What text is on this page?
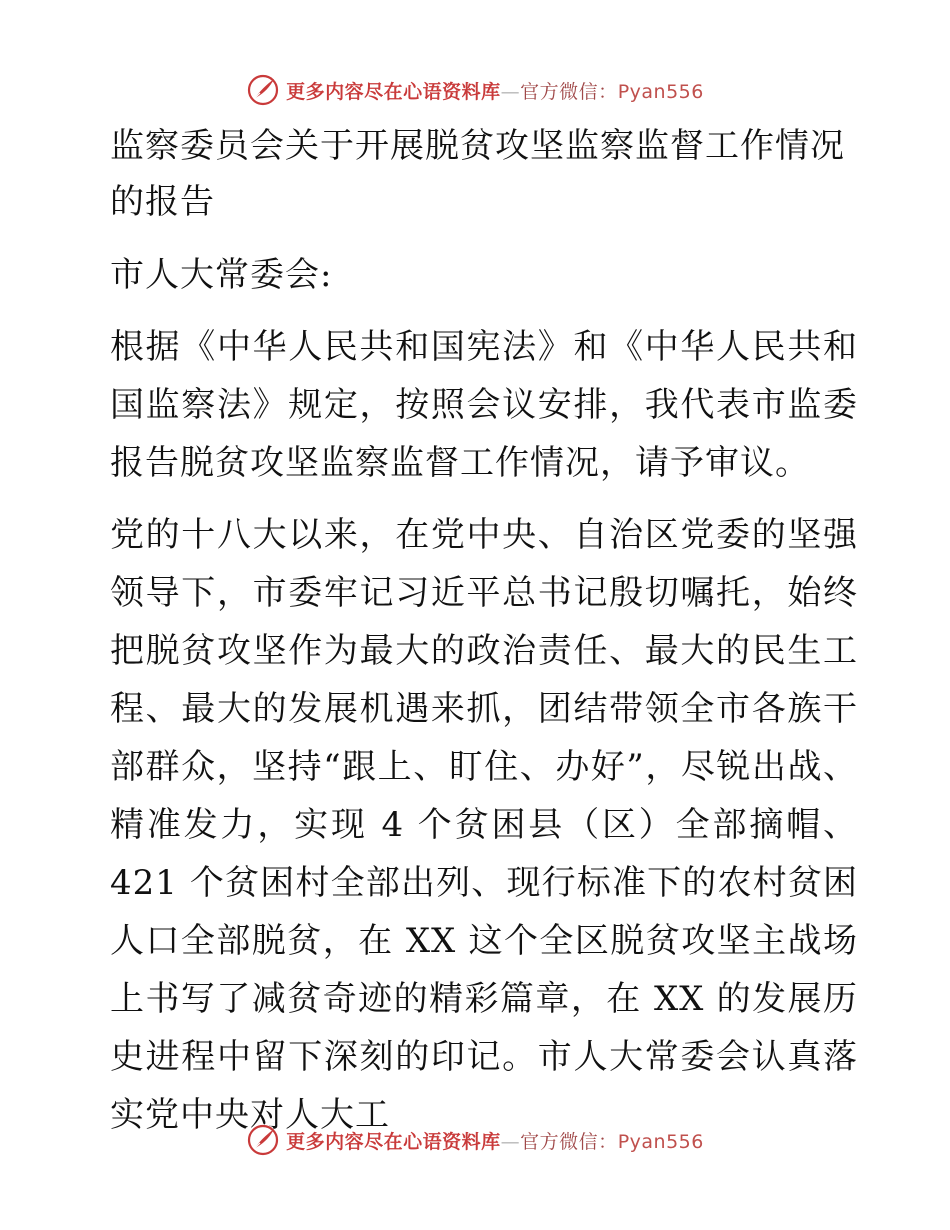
更多内容尽在心语资料库—官方微信：Pyan556
监察委员会关于开展脱贫攻坚监察监督工作情况的报告

市人大常委会:

根据《中华人民共和国宪法》和《中华人民共和国监察法》规定，按照会议安排，我代表市监委报告脱贫攻坚监察监督工作情况，请予审议。

党的十八大以来，在党中央、自治区党委的坚强领导下，市委牢记习近平总书记殷切嘱托，始终把脱贫攻坚作为最大的政治责任、最大的民生工程、最大的发展机遇来抓，团结带领全市各族干部群众，坚持“跟上、盯住、办好”，尽锐出战、精准发力，实现 4 个贫困县（区）全部摘帽、421 个贫困村全部出列、现行标准下的农村贫困人口全部脱贫，在 XX 这个全区脱贫攻坚主战场上书写了减贫奇迹的精彩篇章，在 XX 的发展历史进程中留下深刻的印记。市人大常委会认真落实党中央对人大工

更多内容尽在心语资料库—官方微信：Pyan556
